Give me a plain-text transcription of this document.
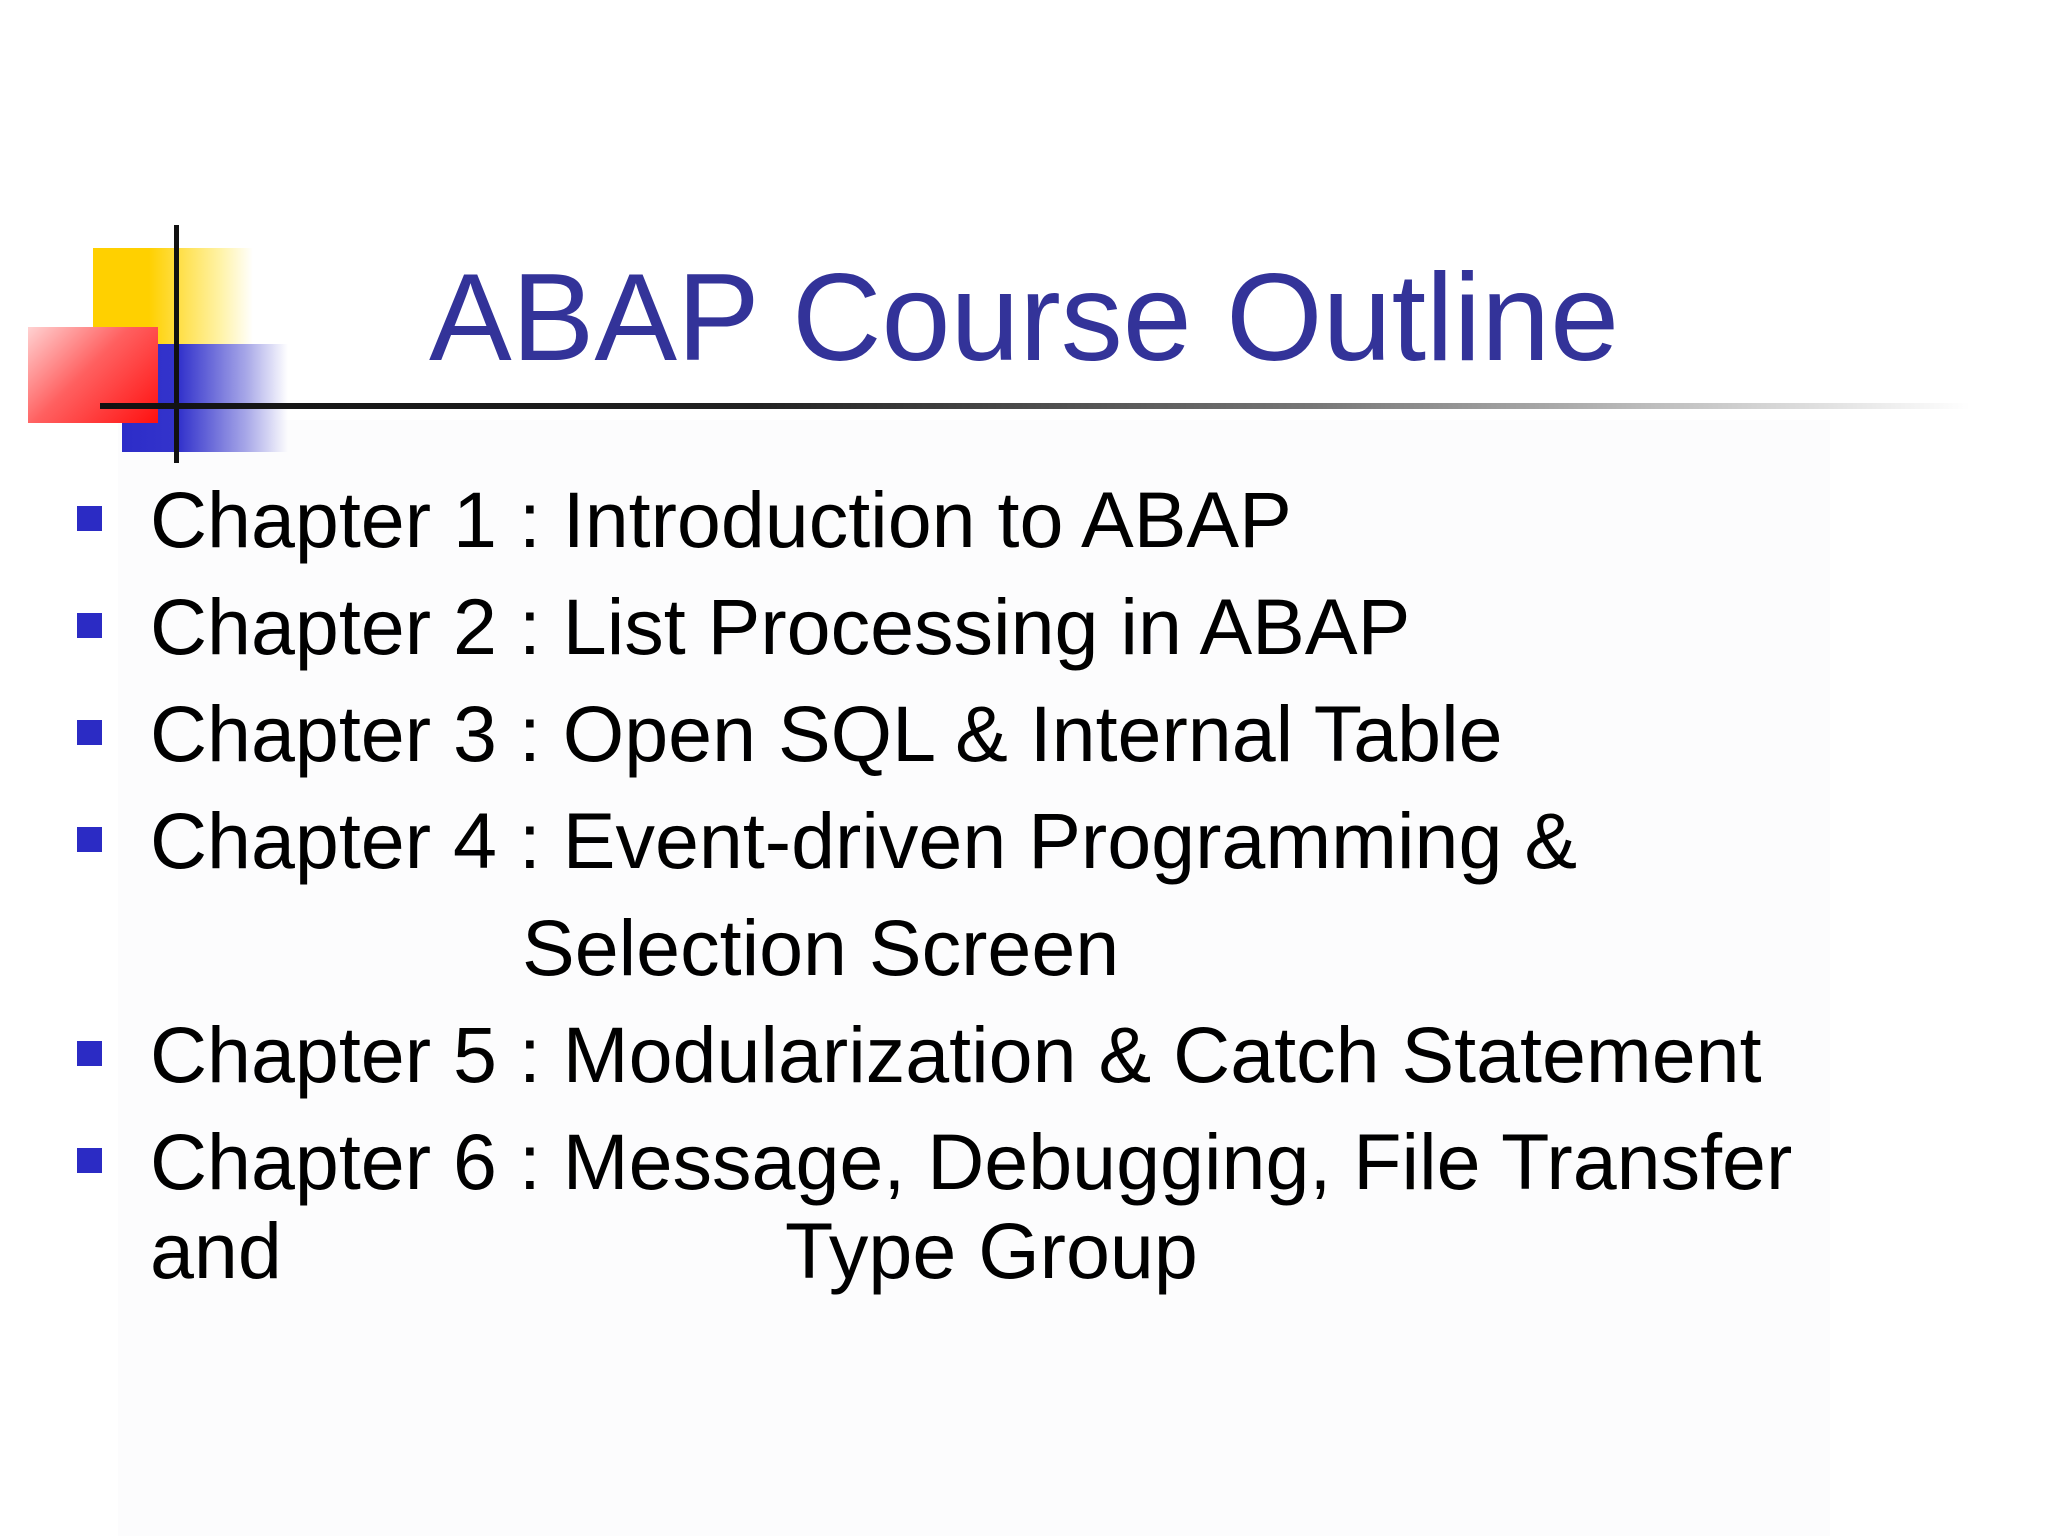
ABAP Course Outline
Chapter 1 : Introduction to ABAP
Chapter 2 : List Processing in ABAP
Chapter 3 : Open SQL & Internal Table
Chapter 4 : Event-driven Programming &
Selection Screen
Chapter 5 : Modularization & Catch Statement
Chapter 6 : Message, Debugging, File Transfer
and	Type Group
